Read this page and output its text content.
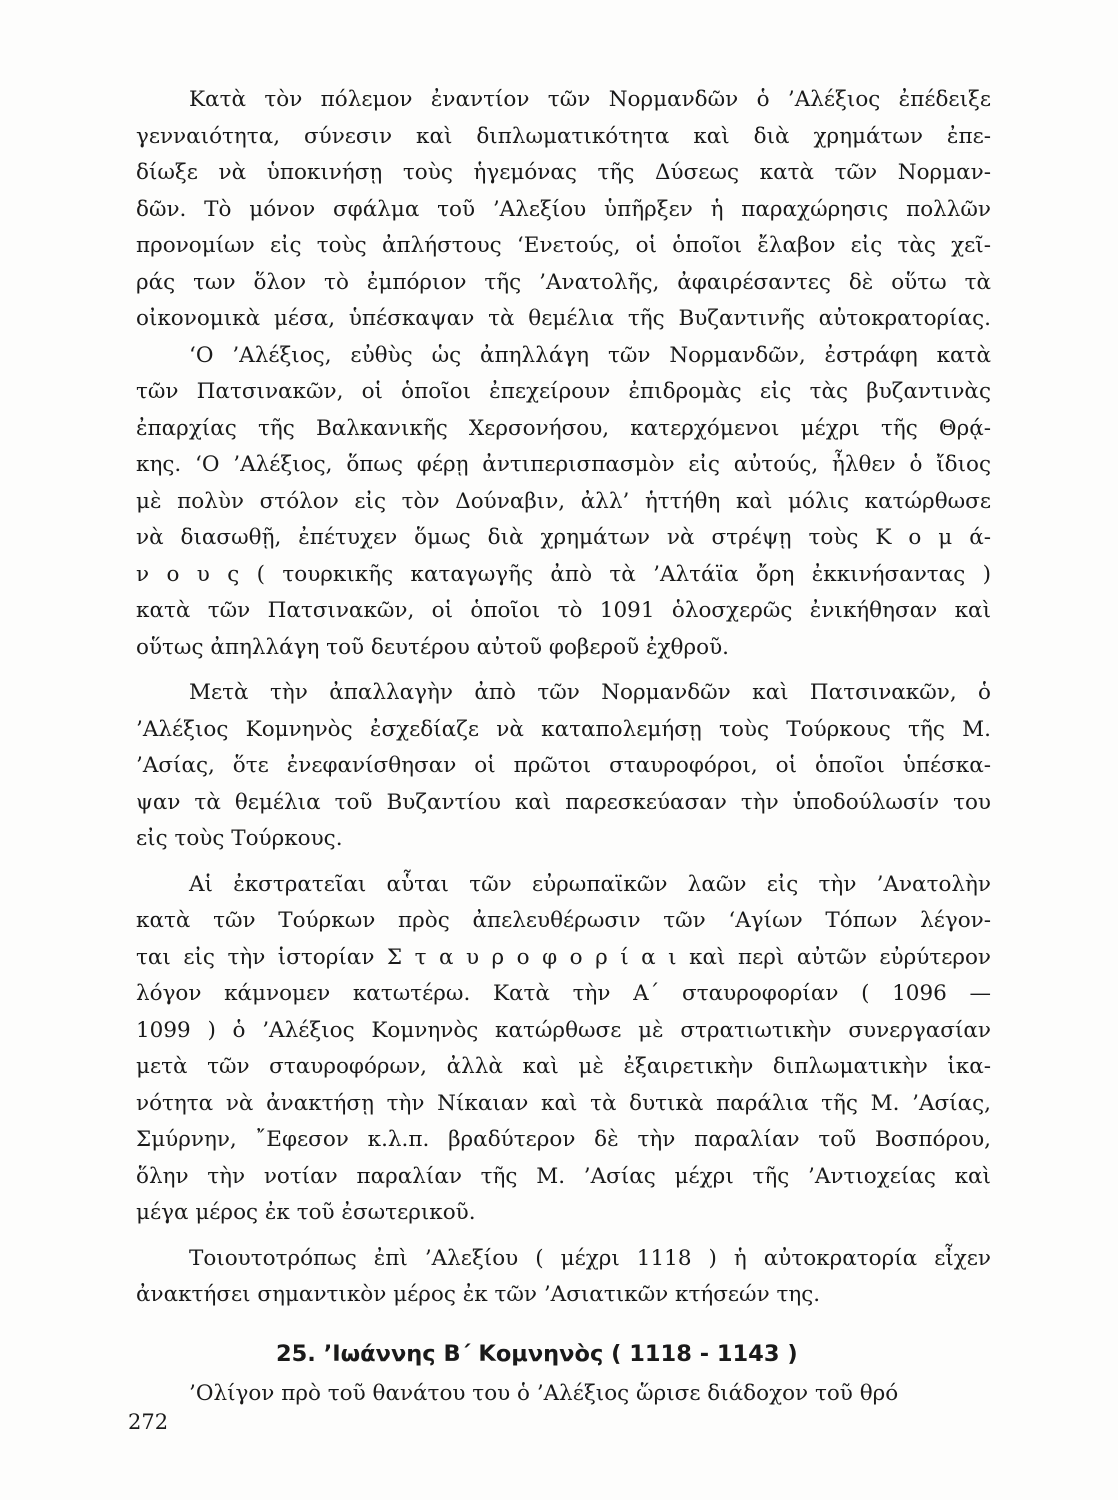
Κατὰ τὸν πόλεμον ἐναντίον τῶν Νορμανδῶν ὁ ’Αλέξιος ἐπέδειξε
γενναιότητα, σύνεσιν καὶ διπλωματικότητα καὶ διὰ χρημάτων ἐπε-
δίωξε νὰ ὑποκινήσῃ τοὺς ἡγεμόνας τῆς Δύσεως κατὰ τῶν Νορμαν-
δῶν. Τὸ μόνον σφάλμα τοῦ ’Αλεξίου ὑπῆρξεν ἡ παραχώρησις πολλῶν
προνομίων εἰς τοὺς ἀπλήστους ‘Ενετούς, οἱ ὁποῖοι ἔλαβον εἰς τὰς χεῖ-
ράς των ὅλον τὸ ἐμπόριον τῆς ’Ανατολῆς, ἀφαιρέσαντες δὲ οὕτω τὰ
οἰκονομικὰ μέσα, ὑπέσκαψαν τὰ θεμέλια τῆς Βυζαντινῆς αὐτοκρατορίας.
‘Ο ’Αλέξιος, εὐθὺς ὡς ἀπηλλάγη τῶν Νορμανδῶν, ἐστράφη κατὰ
τῶν Πατσινακῶν, οἱ ὁποῖοι ἐπεχείρουν ἐπιδρομὰς εἰς τὰς βυζαντινὰς
ἐπαρχίας τῆς Βαλκανικῆς Χερσονήσου, κατερχόμενοι μέχρι τῆς Θρᾴ-
κης. ‘Ο ’Αλέξιος, ὅπως φέρῃ ἀντιπερισπασμὸν εἰς αὐτούς, ἦλθεν ὁ ἴδιος
μὲ πολὺν στόλον εἰς τὸν Δούναβιν, ἀλλ’ ἡττήθη καὶ μόλις κατώρθωσε
νὰ διασωθῇ, ἐπέτυχεν ὅμως διὰ χρημάτων νὰ στρέψῃ τοὺς Κ ο μ ά-
ν ο υ ς ( τουρκικῆς καταγωγῆς ἀπὸ τὰ ’Αλτάϊα ὄρη ἐκκινήσαντας )
κατὰ τῶν Πατσινακῶν, οἱ ὁποῖοι τὸ 1091 ὁλοσχερῶς ἐνικήθησαν καὶ
οὕτως ἀπηλλάγη τοῦ δευτέρου αὐτοῦ φοβεροῦ ἐχθροῦ.
Μετὰ τὴν ἀπαλλαγὴν ἀπὸ τῶν Νορμανδῶν καὶ Πατσινακῶν, ὁ
’Αλέξιος Κομνηνὸς ἐσχεδίαζε νὰ καταπολεμήσῃ τοὺς Τούρκους τῆς Μ.
’Ασίας, ὅτε ἐνεφανίσθησαν οἱ πρῶτοι σταυροφόροι, οἱ ὁποῖοι ὑπέσκα-
ψαν τὰ θεμέλια τοῦ Βυζαντίου καὶ παρεσκεύασαν τὴν ὑποδούλωσίν του
εἰς τοὺς Τούρκους.
Αἱ ἐκστρατεῖαι αὗται τῶν εὐρωπαϊκῶν λαῶν εἰς τὴν ’Ανατολὴν
κατὰ τῶν Τούρκων πρὸς ἀπελευθέρωσιν τῶν ‘Αγίων Τόπων λέγον-
ται εἰς τὴν ἱστορίαν Σ τ α υ ρ ο φ ο ρ ί α ι καὶ περὶ αὐτῶν εὐρύτερον
λόγον κάμνομεν κατωτέρω. Κατὰ τὴν Α΄ σταυροφορίαν ( 1096 —
1099 ) ὁ ’Αλέξιος Κομνηνὸς κατώρθωσε μὲ στρατιωτικὴν συνεργασίαν
μετὰ τῶν σταυροφόρων, ἀλλὰ καὶ μὲ ἐξαιρετικὴν διπλωματικὴν ἱκα-
νότητα νὰ ἀνακτήσῃ τὴν Νίκαιαν καὶ τὰ δυτικὰ παράλια τῆς Μ. ’Ασίας,
Σμύρνην, ῎Εφεσον κ.λ.π. βραδύτερον δὲ τὴν παραλίαν τοῦ Βοσπόρου,
ὅλην τὴν νοτίαν παραλίαν τῆς Μ. ’Ασίας μέχρι τῆς ’Αντιοχείας καὶ
μέγα μέρος ἐκ τοῦ ἐσωτερικοῦ.
Τοιουτοτρόπως ἐπὶ ’Αλεξίου ( μέχρι 1118 ) ἡ αὐτοκρατορία εἶχεν
ἀνακτήσει σημαντικὸν μέρος ἐκ τῶν ’Ασιατικῶν κτήσεών της.
25. ’Ιωάννης Β΄ Κομνηνὸς ( 1118 - 1143 )
’Ολίγον πρὸ τοῦ θανάτου του ὁ ’Αλέξιος ὥρισε διάδοχον τοῦ θρό
272
